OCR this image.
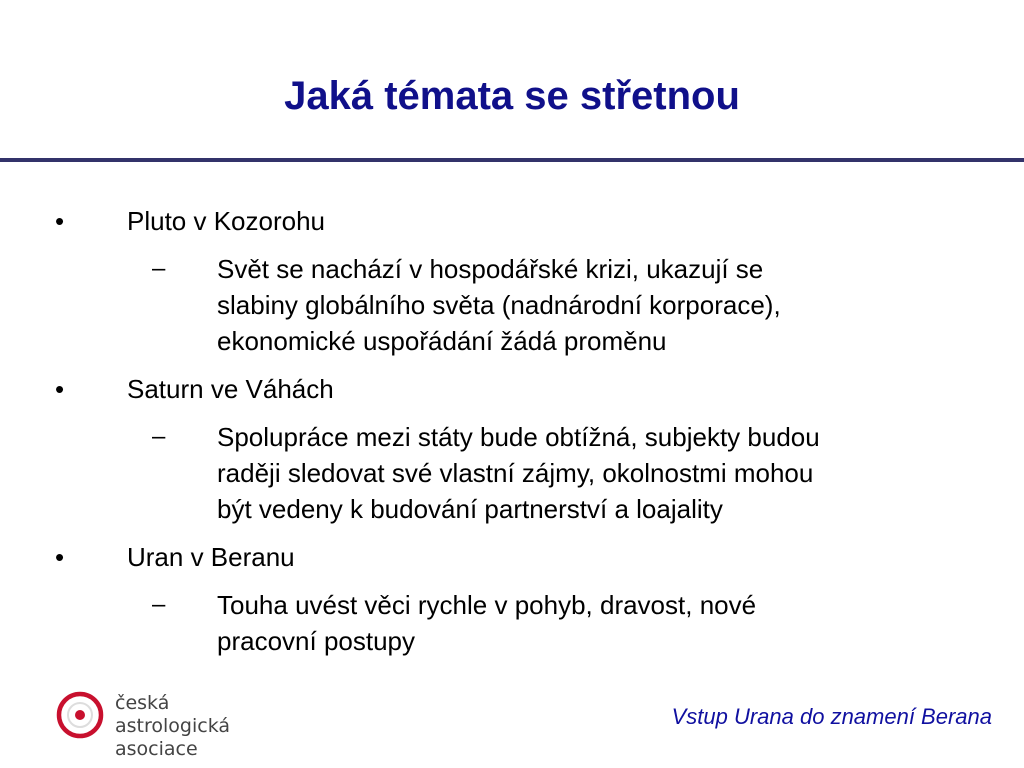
Jaká témata se střetnou
• Pluto v Kozorohu
– Svět se nachází v hospodářské krizi, ukazují se
slabiny globálního světa (nadnárodní korporace),
ekonomické uspořádání žádá proměnu
• Saturn ve Váhách
– Spolupráce mezi státy bude obtížná, subjekty budou
raději sledovat své vlastní zájmy, okolnostmi mohou
být vedeny k budování partnerství a loajality
• Uran v Beranu
– Touha uvést věci rychle v pohyb, dravost, nové
pracovní postupy
česká astrologická
asociace
Vstup Urana do znamení Berana
